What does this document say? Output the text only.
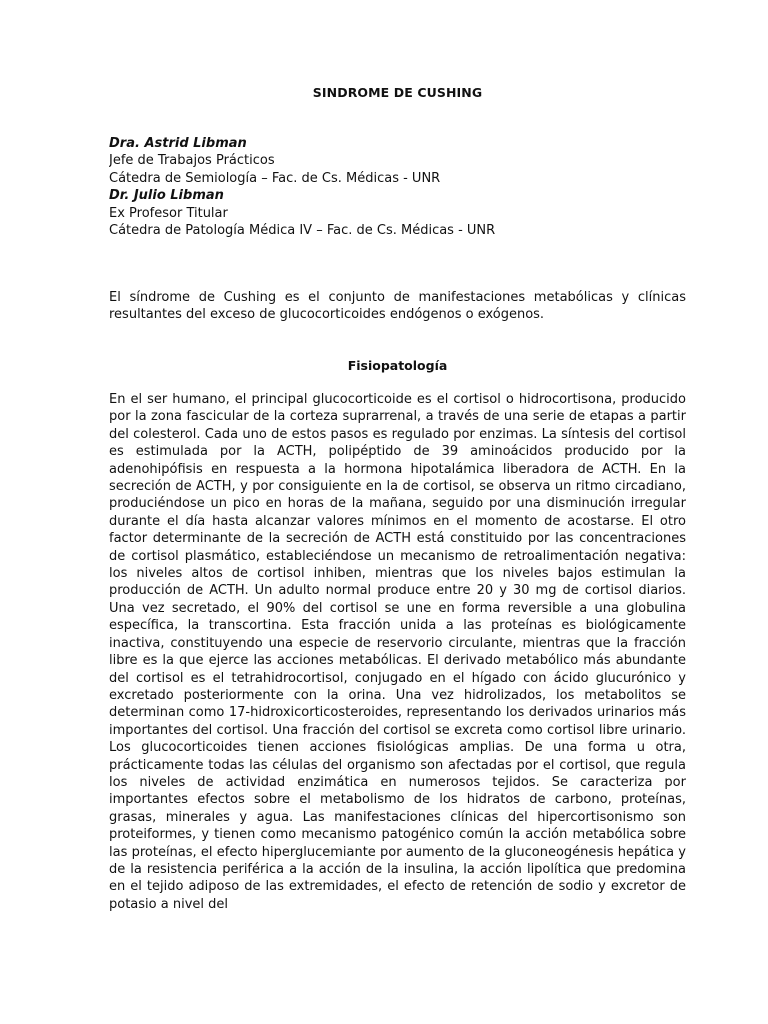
SINDROME DE CUSHING
Dra. Astrid Libman
Jefe de Trabajos Prácticos
Cátedra de Semiología – Fac. de Cs. Médicas - UNR
Dr. Julio Libman
Ex Profesor Titular
Cátedra de Patología Médica IV – Fac. de Cs. Médicas - UNR

El síndrome de Cushing es el conjunto de manifestaciones metabólicas y clínicas resultantes del exceso de glucocorticoides endógenos o exógenos.

Fisiopatología

En el ser humano, el principal glucocorticoide es el cortisol o hidrocortisona, producido por la zona fascicular de la corteza suprarrenal, a través de una serie de etapas a partir del colesterol. Cada uno de estos pasos es regulado por enzimas. La síntesis del cortisol es estimulada por la ACTH, polipéptido de 39 aminoácidos producido por la adenohipófisis en respuesta a la hormona hipotalámica liberadora de ACTH. En la secreción de ACTH, y por consiguiente en la de cortisol, se observa un ritmo circadiano, produciéndose un pico en horas de la mañana, seguido por una disminución irregular durante el día hasta alcanzar valores mínimos en el momento de acostarse. El otro factor determinante de la secreción de ACTH está constituido por las concentraciones de cortisol plasmático, estableciéndose un mecanismo de retroalimentación negativa: los niveles altos de cortisol inhiben, mientras que los niveles bajos estimulan la producción de ACTH. Un adulto normal produce entre 20 y 30 mg de cortisol diarios. Una vez secretado, el 90% del cortisol se une en forma reversible a una globulina específica, la transcortina. Esta fracción unida a las proteínas es biológicamente inactiva, constituyendo una especie de reservorio circulante, mientras que la fracción libre es la que ejerce las acciones metabólicas. El derivado metabólico más abundante del cortisol es el tetrahidrocortisol, conjugado en el hígado con ácido glucurónico y excretado posteriormente con la orina. Una vez hidrolizados, los metabolitos se determinan como 17-hidroxicorticosteroides, representando los derivados urinarios más importantes del cortisol. Una fracción del cortisol se excreta como cortisol libre urinario. Los glucocorticoides tienen acciones fisiológicas amplias. De una forma u otra, prácticamente todas las células del organismo son afectadas por el cortisol, que regula los niveles de actividad enzimática en numerosos tejidos. Se caracteriza por importantes efectos sobre el metabolismo de los hidratos de carbono, proteínas, grasas, minerales y agua. Las manifestaciones clínicas del hipercortisonismo son proteiformes, y tienen como mecanismo patogénico común la acción metabólica sobre las proteínas, el efecto hiperglucemiante por aumento de la gluconeogénesis hepática y de la resistencia periférica a la acción de la insulina, la acción lipolítica que predomina en el tejido adiposo de las extremidades, el efecto de retención de sodio y excretor de potasio a nivel del
